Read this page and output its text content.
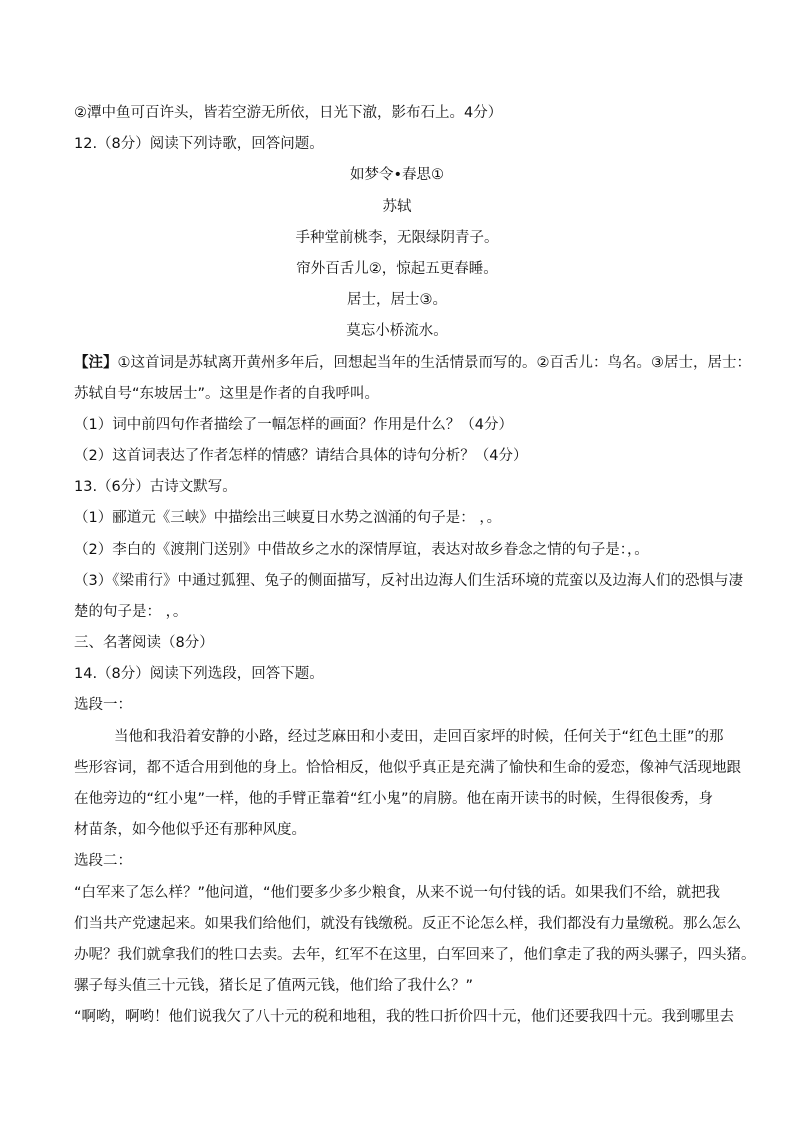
②潭中鱼可百许头，皆若空游无所依，日光下澈，影布石上。4分）
12.（8分）阅读下列诗歌，回答问题。
如梦令•春思①
苏轼
手种堂前桃李，无限绿阴青子。
帘外百舌儿②，惊起五更春睡。
居士，居士③。
莫忘小桥流水。
【注】①这首词是苏轼离开黄州多年后，回想起当年的生活情景而写的。②百舌儿：鸟名。③居士，居士：
苏轼自号“东坡居士”。这里是作者的自我呼叫。
（1）词中前四句作者描绘了一幅怎样的画面？作用是什么？（4分）
（2）这首词表达了作者怎样的情感？请结合具体的诗句分析？（4分）
13.（6分）古诗文默写。
（1）郦道元《三峡》中描绘出三峡夏日水势之汹涌的句子是： ，。
（2）李白的《渡荆门送别》中借故乡之水的深情厚谊，表达对故乡眷念之情的句子是：，。
（3）《梁甫行》中通过狐狸、兔子的侧面描写，反衬出边海人们生活环境的荒蛮以及边海人们的恐惧与凄
楚的句子是： ，。
三、名著阅读（8分）
14.（8分）阅读下列选段，回答下题。
选段一：
当他和我沿着安静的小路，经过芝麻田和小麦田，走回百家坪的时候，任何关于“红色土匪”的那
些形容词，都不适合用到他的身上。恰恰相反，他似乎真正是充满了愉快和生命的爱恋，像神气活现地跟
在他旁边的“红小鬼”一样，他的手臂正靠着“红小鬼”的肩膀。他在南开读书的时候，生得很俊秀，身
材苗条，如今他似乎还有那种风度。
选段二：
“白军来了怎么样？”他问道，“他们要多少多少粮食，从来不说一句付钱的话。如果我们不给，就把我
们当共产党逮起来。如果我们给他们，就没有钱缴税。反正不论怎么样，我们都没有力量缴税。那么怎么
办呢？我们就拿我们的牲口去卖。去年，红军不在这里，白军回来了，他们拿走了我的两头骡子，四头猪。
骡子每头值三十元钱，猪长足了值两元钱，他们给了我什么？”
“啊哟，啊哟！他们说我欠了八十元的税和地租，我的牲口折价四十元，他们还要我四十元。我到哪里去
